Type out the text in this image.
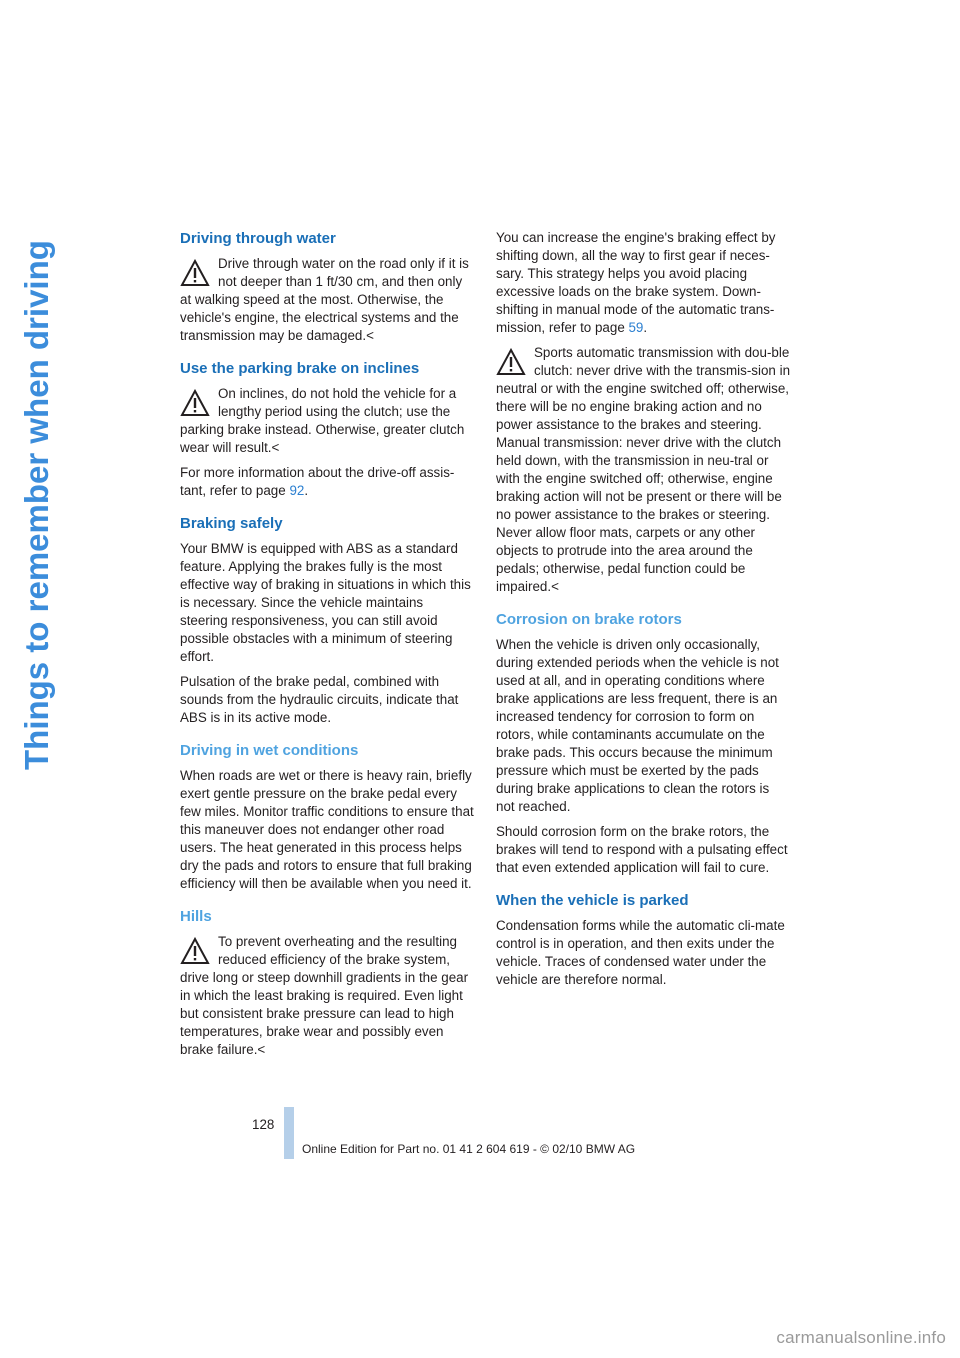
Things to remember when driving
Driving through water
Drive through water on the road only if it is not deeper than 1 ft/30 cm, and then only at walking speed at the most. Otherwise, the vehicle's engine, the electrical systems and the transmission may be damaged.<
Use the parking brake on inclines
On inclines, do not hold the vehicle for a lengthy period using the clutch; use the parking brake instead. Otherwise, greater clutch wear will result.<

For more information about the drive-off assis-tant, refer to page 92.

Braking safely

Your BMW is equipped with ABS as a standard feature. Applying the brakes fully is the most effective way of braking in situations in which this is necessary. Since the vehicle maintains steering responsiveness, you can still avoid possible obstacles with a minimum of steering effort.

Pulsation of the brake pedal, combined with sounds from the hydraulic circuits, indicate that ABS is in its active mode.

Driving in wet conditions

When roads are wet or there is heavy rain, briefly exert gentle pressure on the brake pedal every few miles. Monitor traffic conditions to ensure that this maneuver does not endanger other road users. The heat generated in this process helps dry the pads and rotors to ensure that full braking efficiency will then be available when you need it.

Hills
To prevent overheating and the resulting reduced efficiency of the brake system, drive long or steep downhill gradients in the gear in which the least braking is required. Even light but consistent brake pressure can lead to high temperatures, brake wear and possibly even brake failure.<

You can increase the engine's braking effect by shifting down, all the way to first gear if neces-sary. This strategy helps you avoid placing excessive loads on the brake system. Down-shifting in manual mode of the automatic trans-mission, refer to page 59.

Sports automatic transmission with dou-ble clutch: never drive with the transmis-sion in neutral or with the engine switched off; otherwise, there will be no engine braking action and no power assistance to the brakes and steering.
Manual transmission: never drive with the clutch held down, with the transmission in neu-tral or with the engine switched off; otherwise, engine braking action will not be present or there will be no power assistance to the brakes or steering.
Never allow floor mats, carpets or any other objects to protrude into the area around the pedals; otherwise, pedal function could be impaired.<
Corrosion on brake rotors

When the vehicle is driven only occasionally, during extended periods when the vehicle is not used at all, and in operating conditions where brake applications are less frequent, there is an increased tendency for corrosion to form on rotors, while contaminants accumulate on the brake pads. This occurs because the minimum pressure which must be exerted by the pads during brake applications to clean the rotors is not reached.

Should corrosion form on the brake rotors, the brakes will tend to respond with a pulsating effect that even extended application will fail to cure.

When the vehicle is parked

Condensation forms while the automatic cli-mate control is in operation, and then exits under the vehicle. Traces of condensed water under the vehicle are therefore normal.

128
Online Edition for Part no. 01 41 2 604 619 - © 02/10 BMW AG
carmanualsonline.info
